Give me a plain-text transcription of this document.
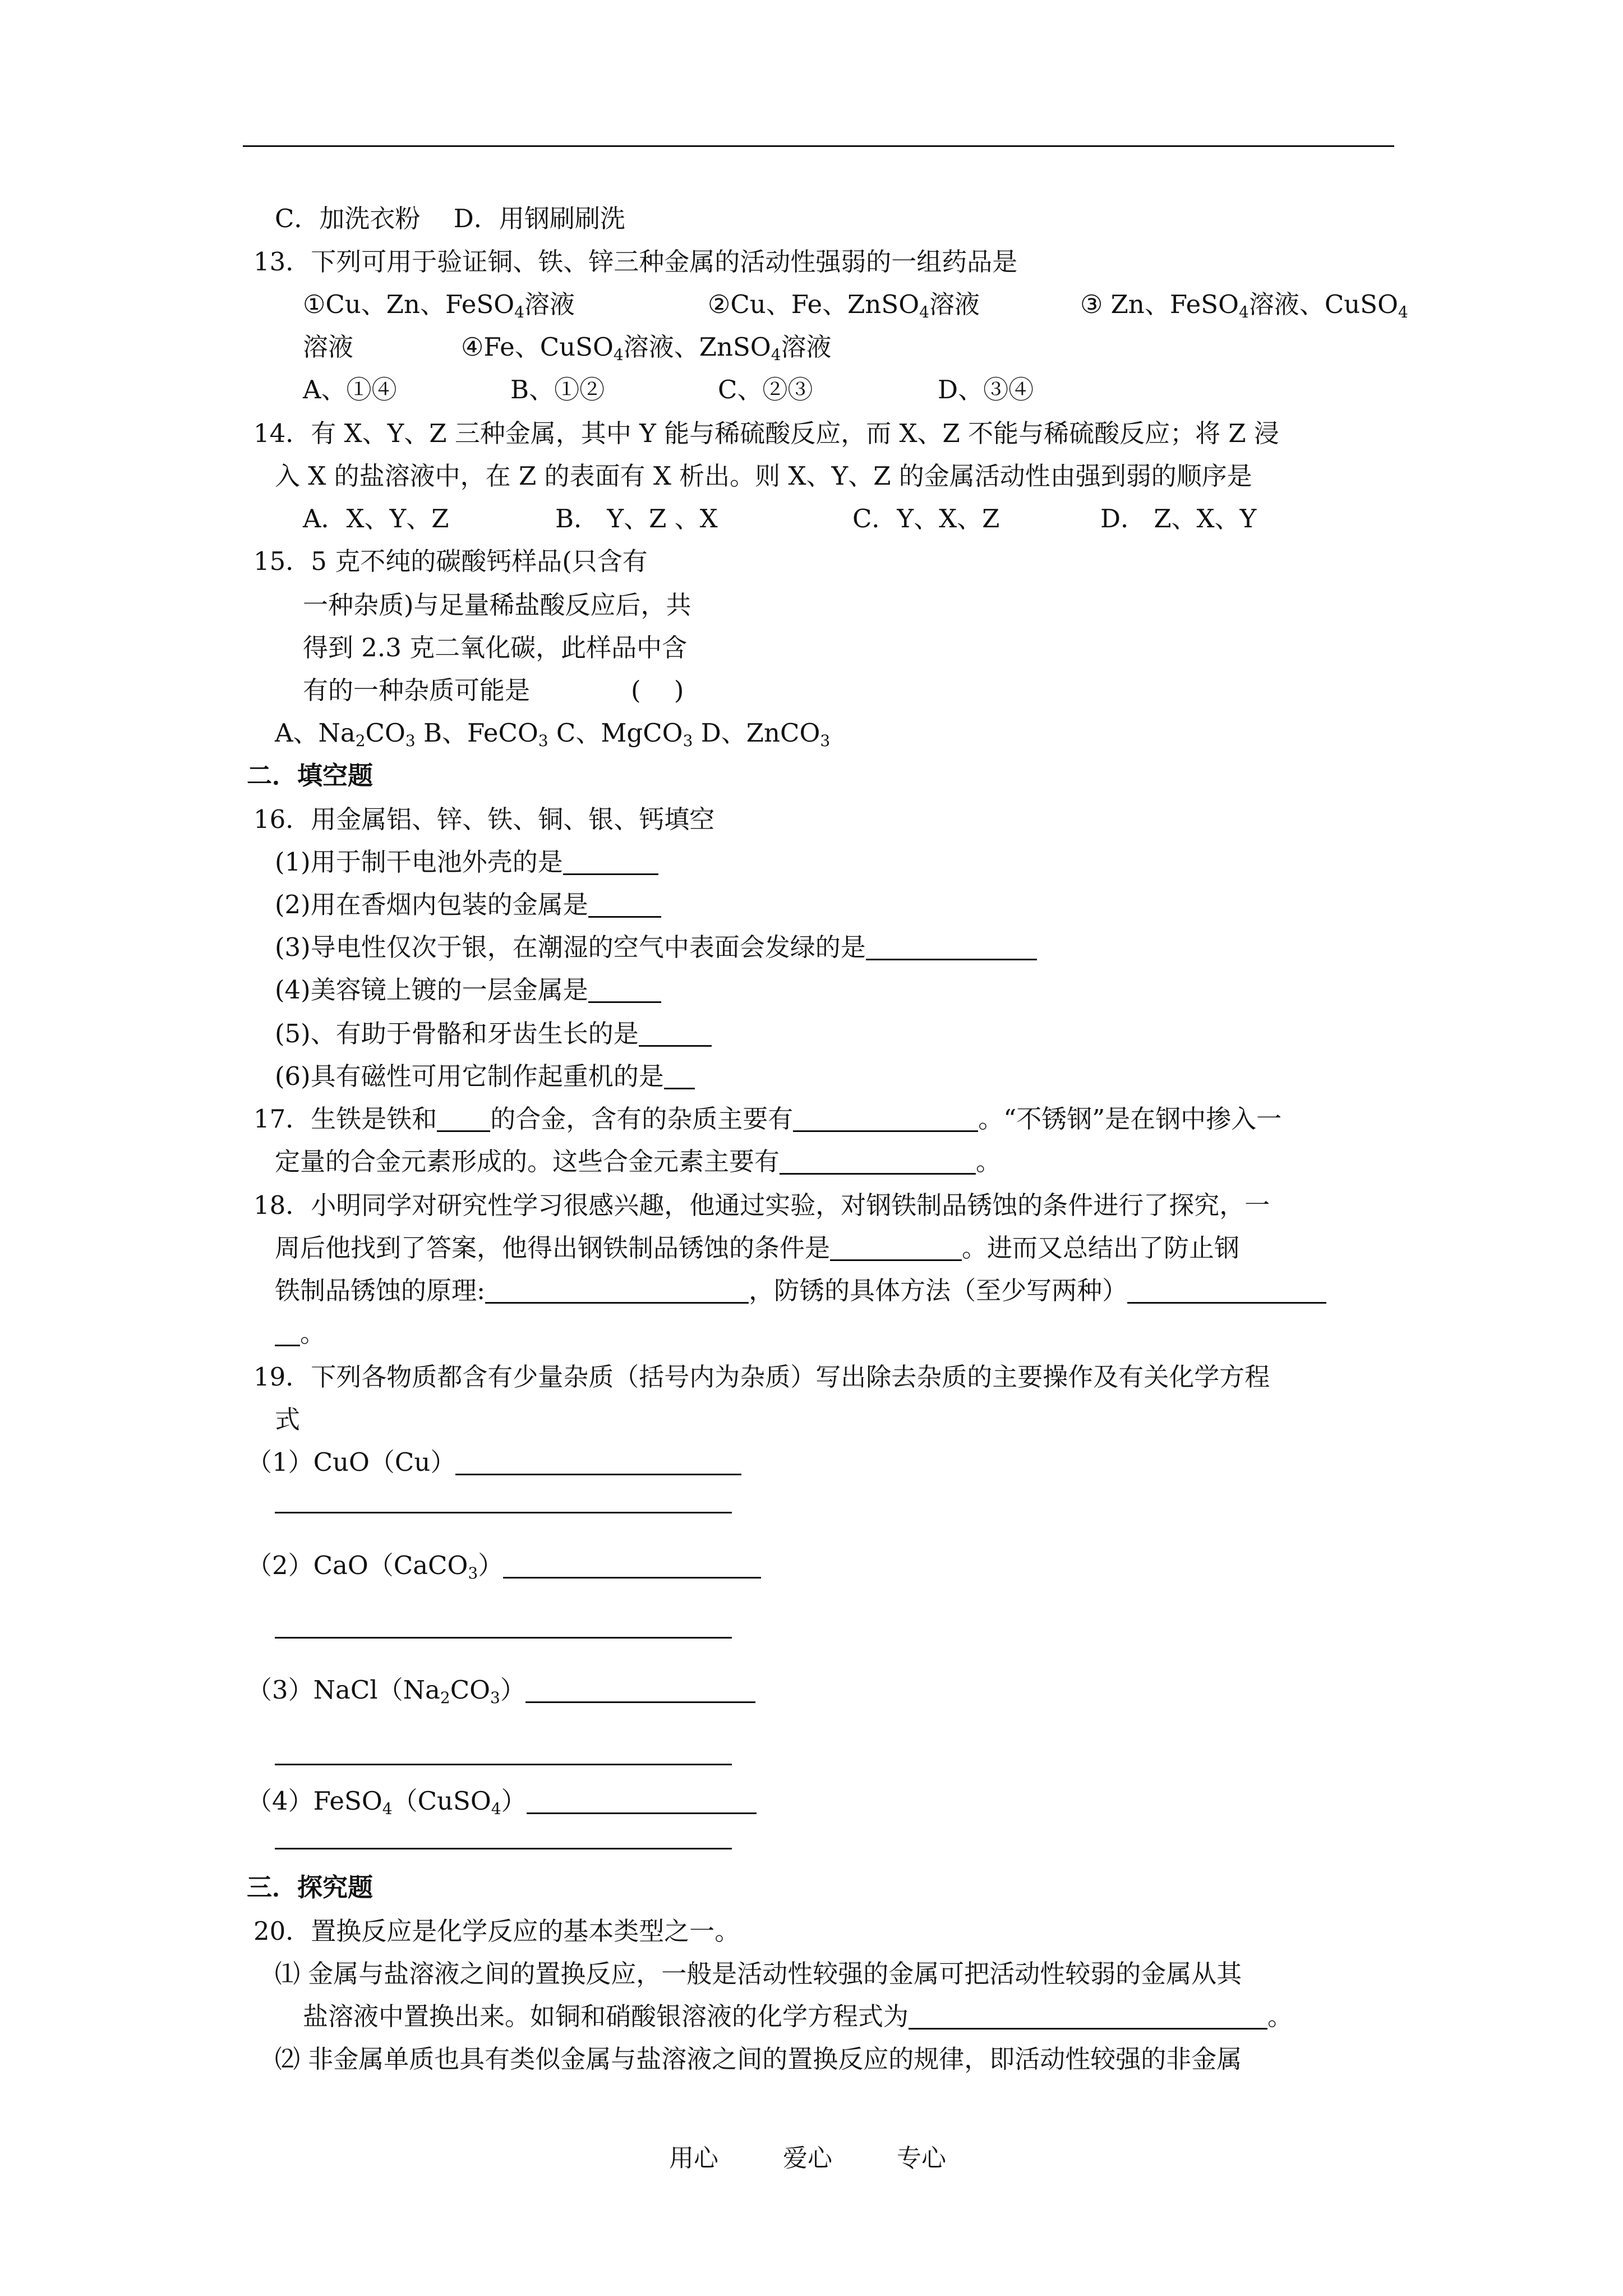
C．加洗衣粉　 D．用钢刷刷洗
13．下列可用于验证铜、铁、锌三种金属的活动性强弱的一组药品是
①Cu、Zn、FeSO$_4$溶液	②Cu、Fe、ZnSO$_4$溶液	③ Zn、FeSO$_4$溶液、CuSO$_4$
溶液	④Fe、CuSO$_4$溶液、ZnSO$_4$溶液
A、①④	B、①②	C、②③	D、③④
14．有 X、Y、Z 三种金属，其中 Y 能与稀硫酸反应，而 X、Z 不能与稀硫酸反应；将 Z 浸
入 X 的盐溶液中，在 Z 的表面有 X 析出。则 X、Y、Z 的金属活动性由强到弱的顺序是
A．X、Y、Z	B． Y、Z 、X	C．Y、X、Z	D． Z、X、Y
15．5 克不纯的碳酸钙样品(只含有
一种杂质)与足量稀盐酸反应后，共
得到 2.3 克二氧化碳，此样品中含
有的一种杂质可能是　　　　(　 )
A、$Na_2CO_3$ B、FeCO$_3$ C、MgCO$_3$ D、ZnCO$_3$
二．填空题
16．用金属铝、锌、铁、铜、银、钙填空
(1)用于制干电池外壳的是
(2)用在香烟内包装的金属是
(3)导电性仅次于银，在潮湿的空气中表面会发绿的是
(4)美容镜上镀的一层金属是
(5)、有助于骨骼和牙齿生长的是
(6)具有磁性可用它制作起重机的是
17．生铁是铁和 的合金，含有的杂质主要有	。“不锈钢”是在钢中掺入一
定量的合金元素形成的。这些合金元素主要有	。
18．小明同学对研究性学习很感兴趣，他通过实验，对钢铁制品锈蚀的条件进行了探究，一
周后他找到了答案，他得出钢铁制品锈蚀的条件是	。进而又总结出了防止钢
铁制品锈蚀的原理:	，防锈的具体方法（至少写两种）
。
19．下列各物质都含有少量杂质（括号内为杂质）写出除去杂质的主要操作及有关化学方程
式
（1）CuO（Cu）
（2）CaO（CaCO$_3$）
$(3)NaCl(Na_2CO_3)$
（4）FeSO$_4$（CuSO$_4$）
三．探究题
20．置换反应是化学反应的基本类型之一。
⑴ 金属与盐溶液之间的置换反应，一般是活动性较强的金属可把活动性较弱的金属从其
盐溶液中置换出来。如铜和硝酸银溶液的化学方程式为	。
⑵ 非金属单质也具有类似金属与盐溶液之间的置换反应的规律，即活动性较强的非金属
用心	爱心	专心
